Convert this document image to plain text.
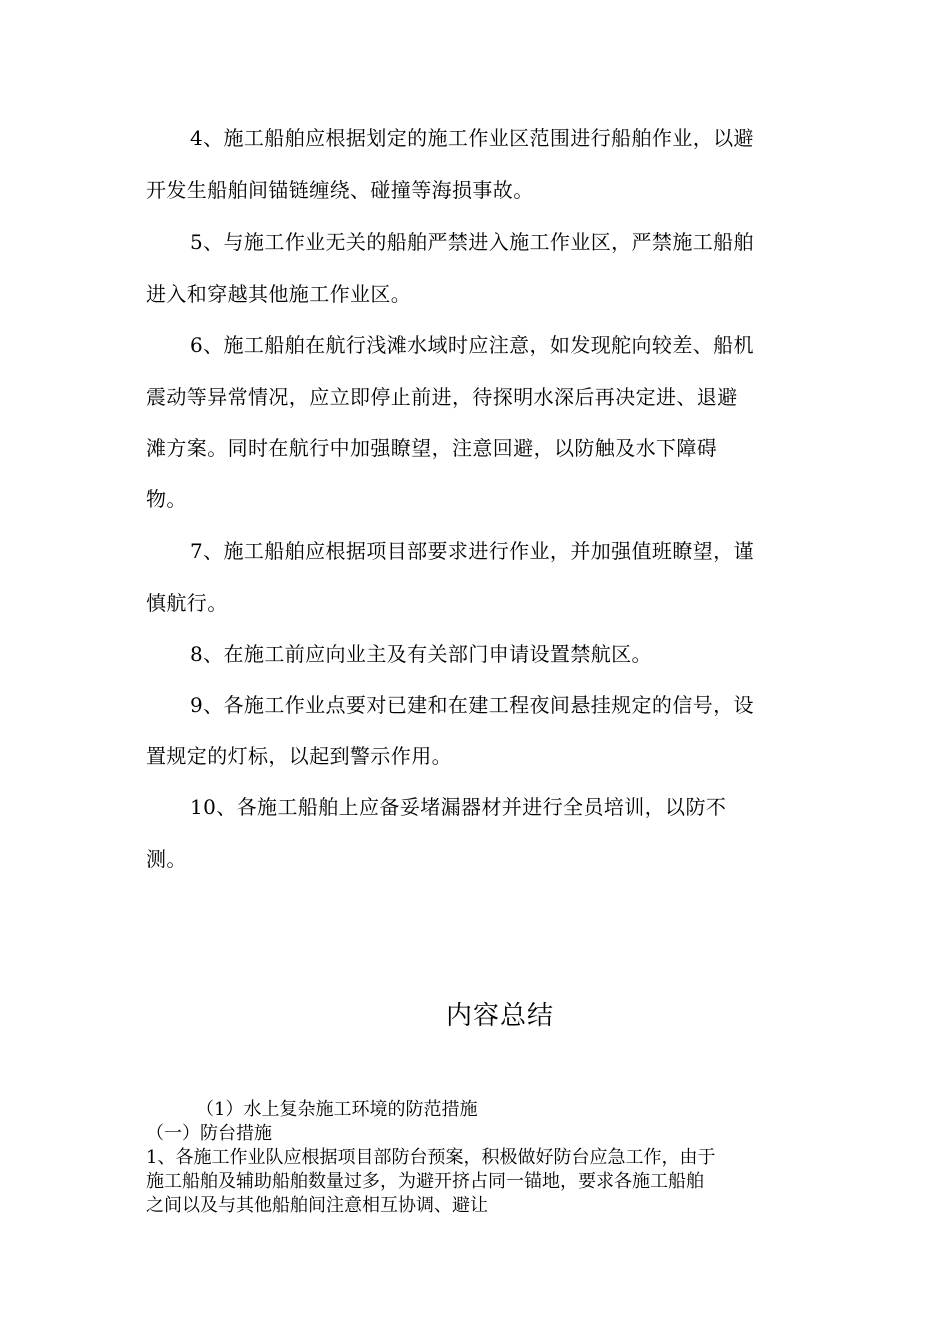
4、施工船舶应根据划定的施工作业区范围进行船舶作业，以避
开发生船舶间锚链缠绕、碰撞等海损事故。
5、与施工作业无关的船舶严禁进入施工作业区，严禁施工船舶
进入和穿越其他施工作业区。
6、施工船舶在航行浅滩水域时应注意，如发现舵向较差、船机
震动等异常情况，应立即停止前进，待探明水深后再决定进、退避
滩方案。同时在航行中加强瞭望，注意回避，以防触及水下障碍
物。
7、施工船舶应根据项目部要求进行作业，并加强值班瞭望，谨
慎航行。
8、在施工前应向业主及有关部门申请设置禁航区。
9、各施工作业点要对已建和在建工程夜间悬挂规定的信号，设
置规定的灯标，以起到警示作用。
10、各施工船舶上应备妥堵漏器材并进行全员培训，以防不
测。
内容总结
（1）水上复杂施工环境的防范措施
（一）防台措施
1、各施工作业队应根据项目部防台预案，积极做好防台应急工作，由于
施工船舶及辅助船舶数量过多，为避开挤占同一锚地，要求各施工船舶
之间以及与其他船舶间注意相互协调、避让
